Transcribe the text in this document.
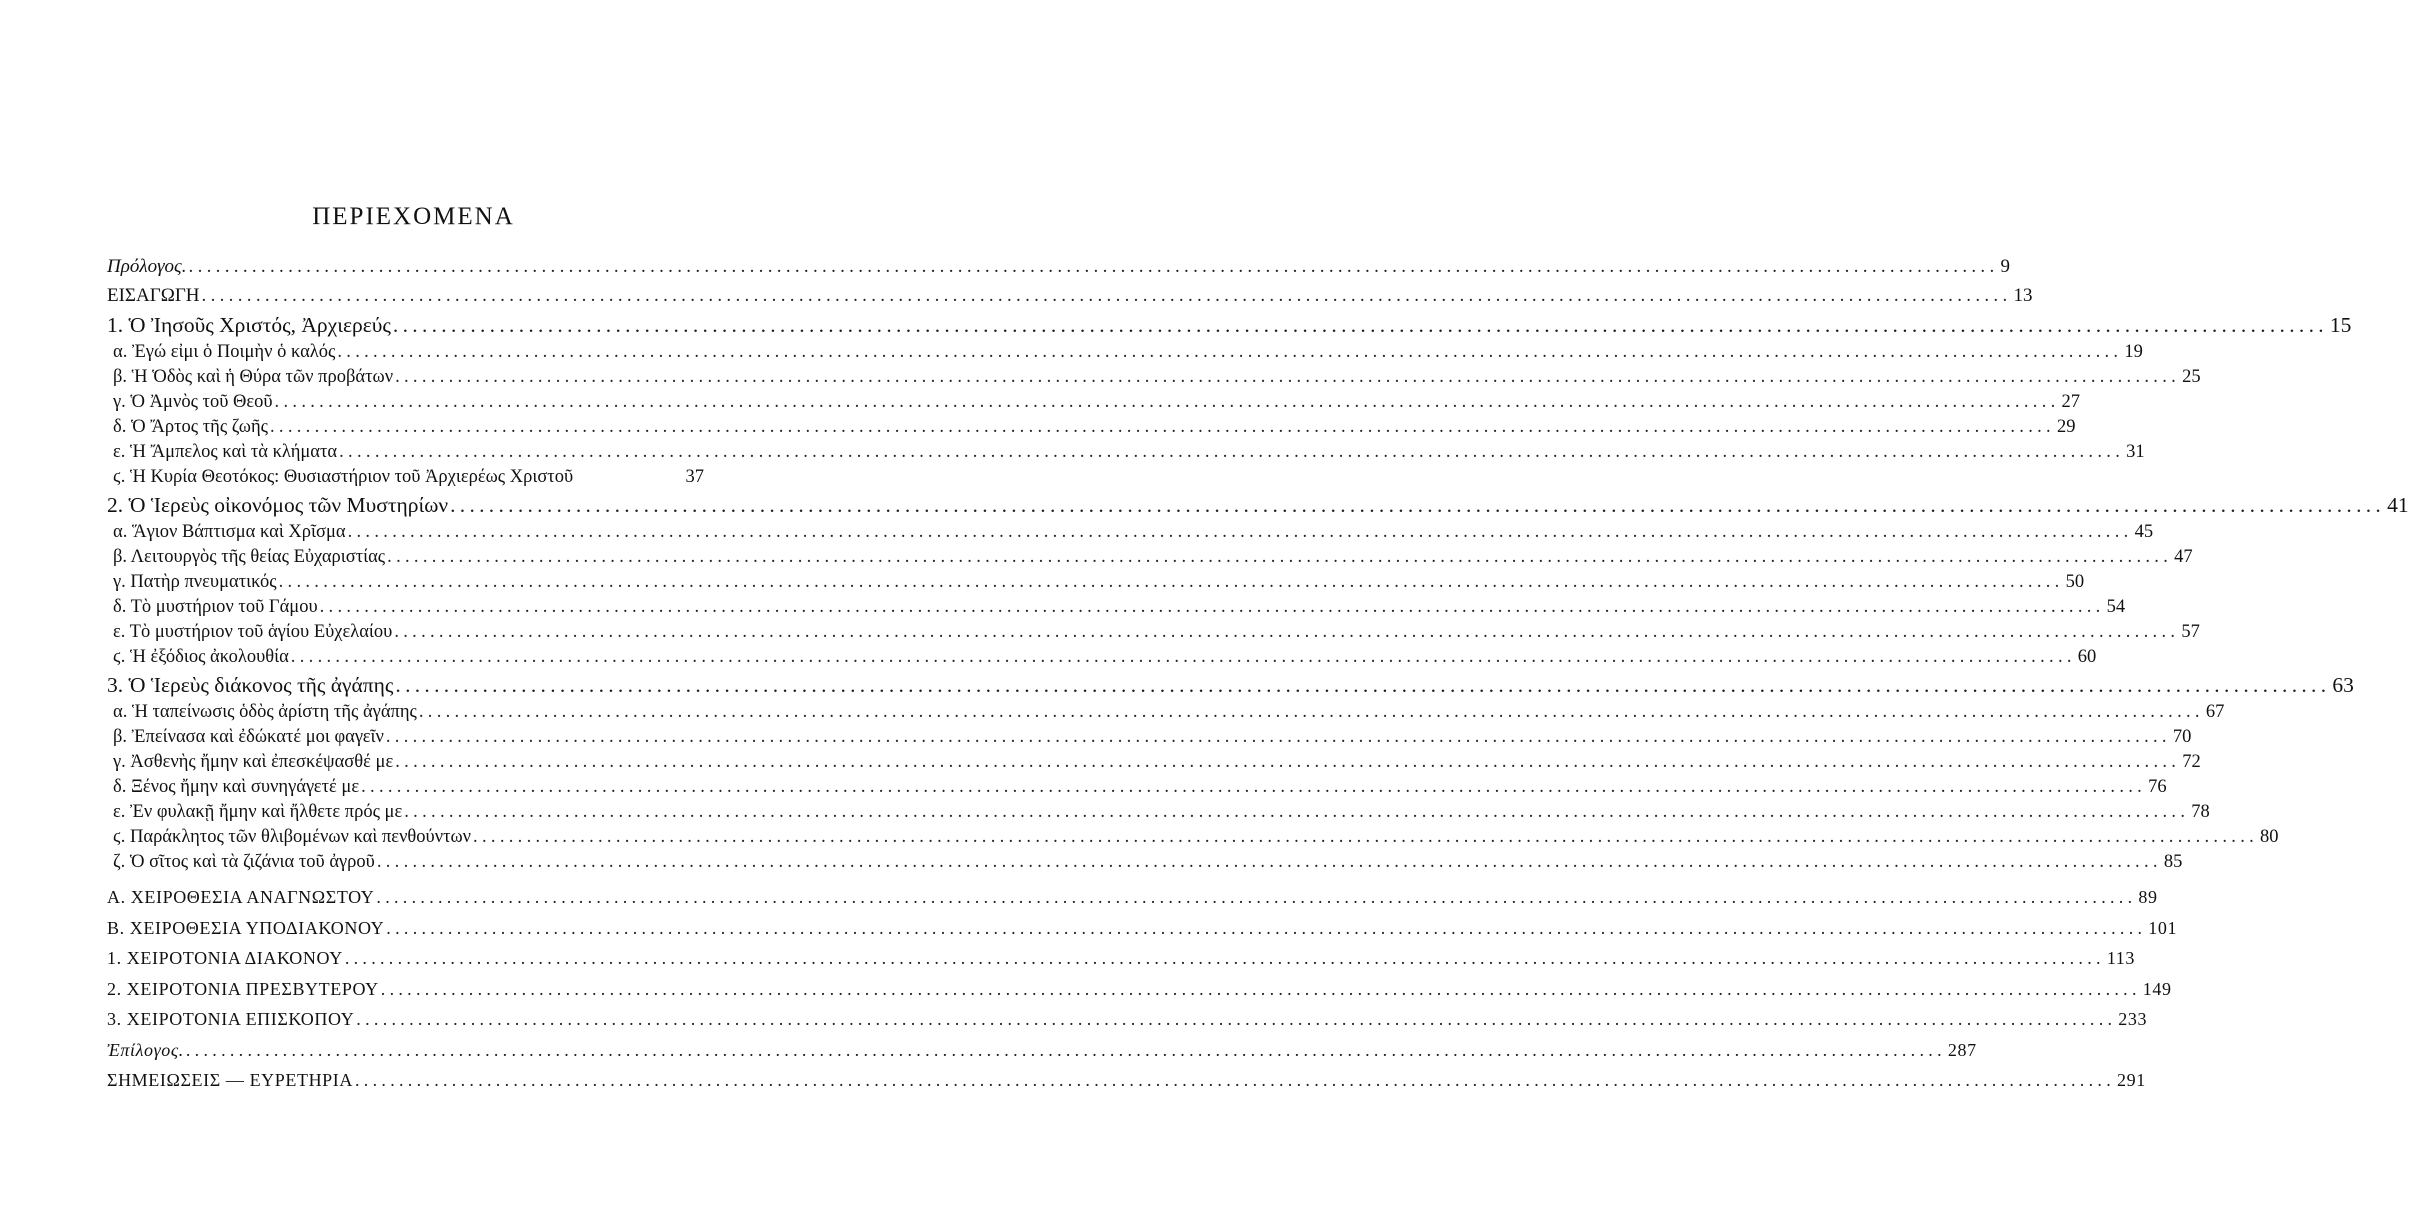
ΠΕΡΙΕΧΟΜΕΝΑ
Πρόλογος. ........................................................................................................................................................................................................ 9
ΕΙΣΑΓΩΓΗ ........................................................................................................................................................................................................ 13
1. Ὁ Ἰησοῦς Χριστός, Ἀρχιερεύς ........................................................................................................................................................................................................ 15
α. Ἐγώ εἰμι ὁ Ποιμὴν ὁ καλός ........................................................................................................................................................................................................ 19
β. Ἡ Ὁδὸς καὶ ἡ Θύρα τῶν προβάτων ........................................................................................................................................................................................................ 25
γ. Ὁ Ἀμνὸς τοῦ Θεοῦ ........................................................................................................................................................................................................ 27
δ. Ὁ Ἄρτος τῆς ζωῆς ........................................................................................................................................................................................................ 29
ε. Ἡ Ἄμπελος καὶ τὰ κλήματα ........................................................................................................................................................................................................ 31
ϛ. Ἡ Κυρία Θεοτόκος: Θυσιαστήριον τοῦ Ἀρχιερέως Χριστοῦ	37
2. Ὁ Ἱερεὺς οἰκονόμος τῶν Μυστηρίων ........................................................................................................................................................................................................ 41
α. Ἅγιον Βάπτισμα καὶ Χρῖσμα ........................................................................................................................................................................................................ 45
β. Λειτουργὸς τῆς θείας Εὐχαριστίας ........................................................................................................................................................................................................ 47
γ. Πατὴρ πνευματικός ........................................................................................................................................................................................................ 50
δ. Τὸ μυστήριον τοῦ Γάμου ........................................................................................................................................................................................................ 54
ε. Τὸ μυστήριον τοῦ ἁγίου Εὐχελαίου ........................................................................................................................................................................................................ 57
ϛ. Ἡ ἐξόδιος ἀκολουθία ........................................................................................................................................................................................................ 60
3. Ὁ Ἱερεὺς διάκονος τῆς ἀγάπης ........................................................................................................................................................................................................ 63
α. Ἡ ταπείνωσις ὁδὸς ἀρίστη τῆς ἀγάπης ........................................................................................................................................................................................................ 67
β. Ἐπείνασα καὶ ἐδώκατέ μοι φαγεῖν ........................................................................................................................................................................................................ 70
γ. Ἀσθενὴς ἤμην καὶ ἐπεσκέψασθέ με ........................................................................................................................................................................................................ 72
δ. Ξένος ἤμην καὶ συνηγάγετέ με ........................................................................................................................................................................................................ 76
ε. Ἐν φυλακῇ ἤμην καὶ ἤλθετε πρός με ........................................................................................................................................................................................................ 78
ϛ. Παράκλητος τῶν θλιβομένων καὶ πενθούντων ........................................................................................................................................................................................................ 80
ζ. Ὁ σῖτος καὶ τὰ ζιζάνια τοῦ ἀγροῦ ........................................................................................................................................................................................................ 85
Α. ΧΕΙΡΟΘΕΣΙΑ ΑΝΑΓΝΩΣΤΟΥ ........................................................................................................................................................................................................ 89
Β. ΧΕΙΡΟΘΕΣΙΑ ΥΠΟΔΙΑΚΟΝΟΥ ........................................................................................................................................................................................................ 101
1. ΧΕΙΡΟΤΟΝΙΑ ΔΙΑΚΟΝΟΥ ........................................................................................................................................................................................................ 113
2. ΧΕΙΡΟΤΟΝΙΑ ΠΡΕΣΒΥΤΕΡΟΥ ........................................................................................................................................................................................................ 149
3. ΧΕΙΡΟΤΟΝΙΑ ΕΠΙΣΚΟΠΟΥ ........................................................................................................................................................................................................ 233
Ἐπίλογος. ........................................................................................................................................................................................................ 287
ΣΗΜΕΙΩΣΕΙΣ — ΕΥΡΕΤΗΡΙΑ ........................................................................................................................................................................................................ 291
